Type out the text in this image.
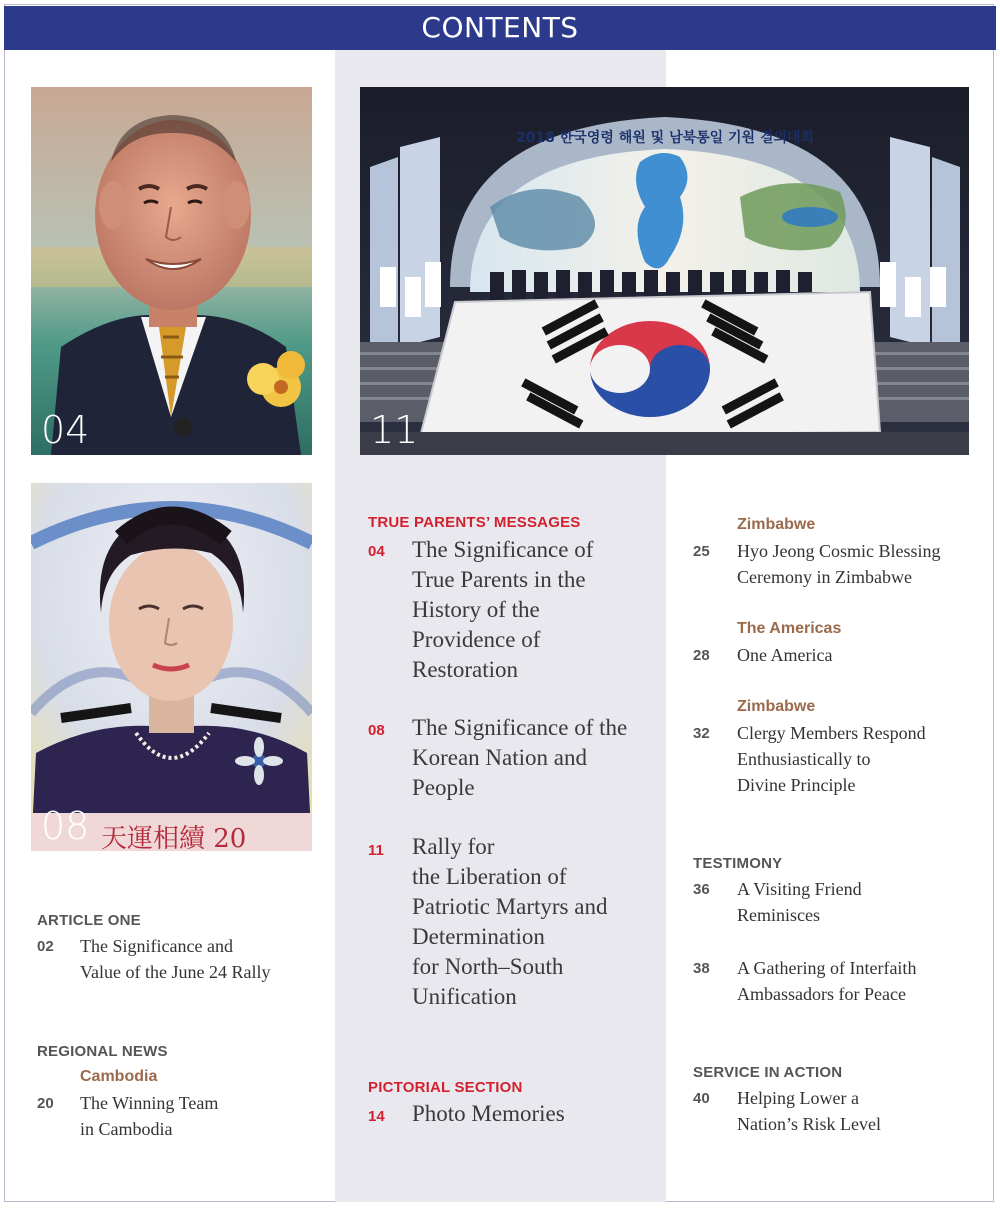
CONTENTS
04
2018 한국영령 해원 및 남북통일 기원 결의대회
11
天運相續 20
08
ARTICLE ONE
02 The Significance and
Value of the June 24 Rally
REGIONAL NEWS
Cambodia
20 The Winning Team
in Cambodia
TRUE PARENTS’ MESSAGES
04 The Significance of
True Parents in the
History of the
Providence of
Restoration
08 The Significance of the
Korean Nation and
People
11 Rally for
the Liberation of
Patriotic Martyrs and
Determination
for North–South
Unification
PICTORIAL SECTION
14 Photo Memories
Zimbabwe
25 Hyo Jeong Cosmic Blessing
Ceremony in Zimbabwe
The Americas
28 One America
Zimbabwe
32 Clergy Members Respond
Enthusiastically to
Divine Principle
TESTIMONY
36 A Visiting Friend
Reminisces
38 A Gathering of Interfaith
Ambassadors for Peace
SERVICE IN ACTION
40 Helping Lower a
Nation’s Risk Level
